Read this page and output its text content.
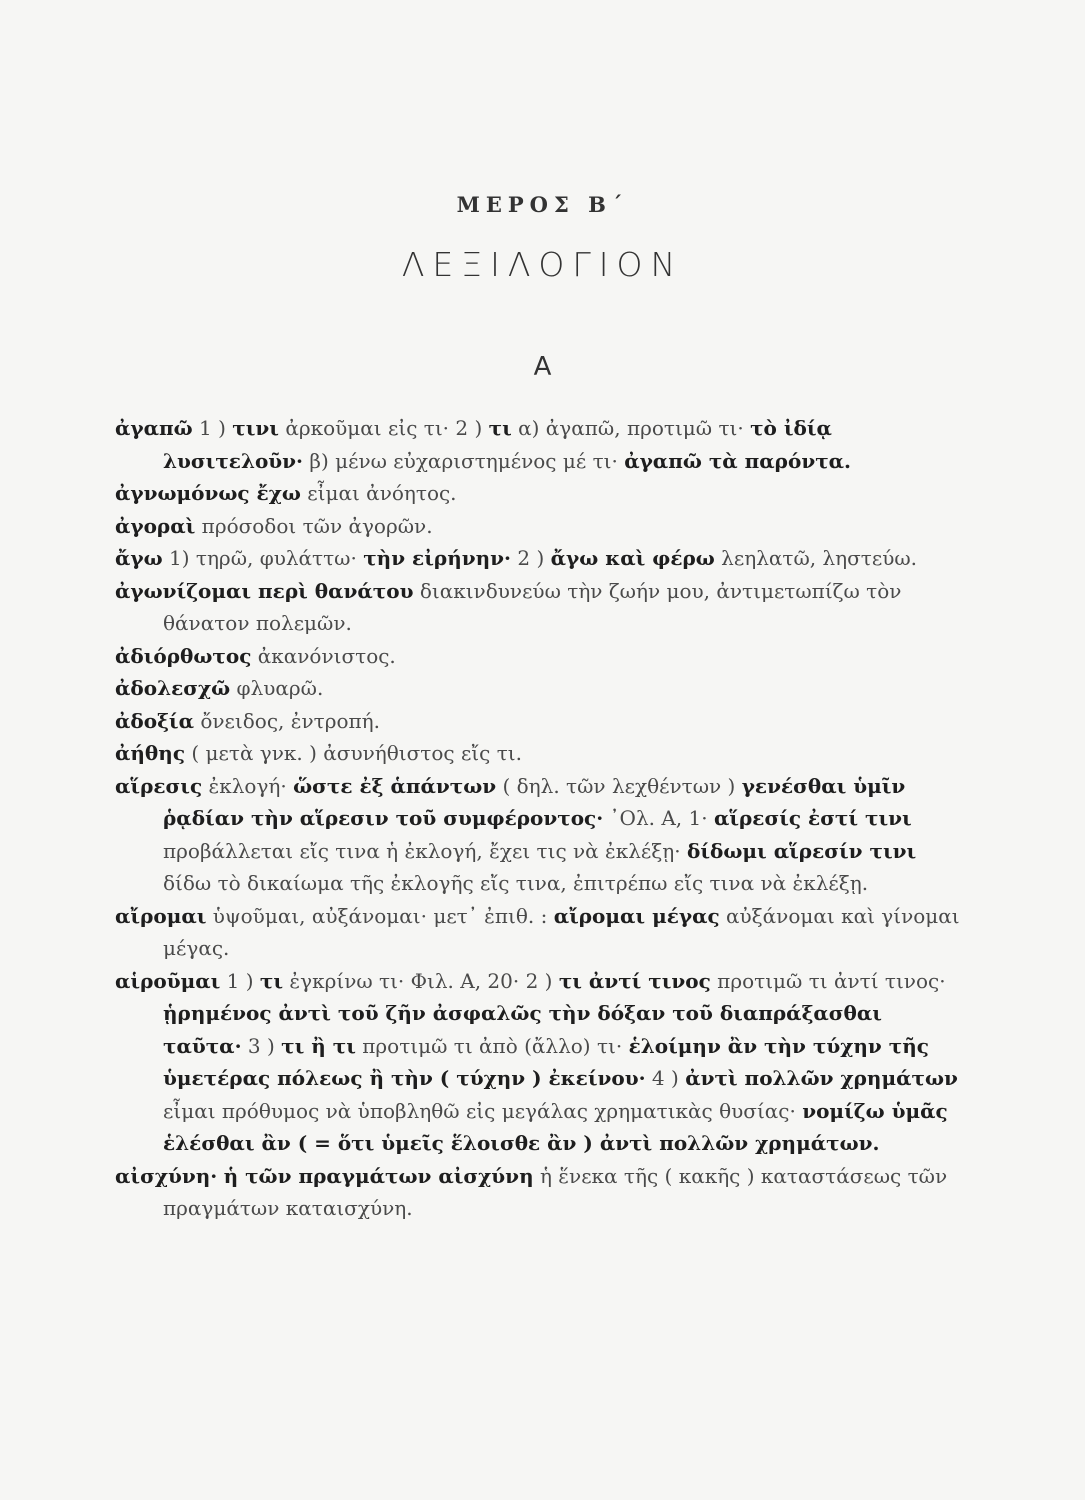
ΜΕΡΟΣ Β΄
ΛΕΞΙΛΟΓΙΟΝ
Α

ἀγαπῶ 1 ) τινι ἀρκοῦμαι εἰς τι· 2 ) τι α) ἀγαπῶ, προτιμῶ τι· τὸ ἰδίᾳ λυσιτελοῦν· β) μένω εὐχαριστημένος μέ τι· ἀγαπῶ τὰ παρόντα.

ἀγνωμόνως ἔχω εἶμαι ἀνόητος.

ἀγοραὶ πρόσοδοι τῶν ἀγορῶν.

ἄγω 1) τηρῶ, φυλάττω· τὴν εἰρήνην· 2 ) ἄγω καὶ φέρω λεηλατῶ, ληστεύω.

ἀγωνίζομαι περὶ θανάτου διακινδυνεύω τὴν ζωήν μου, ἀντιμετωπίζω τὸν θάνατον πολεμῶν.

ἀδιόρθωτος ἀκανόνιστος.

ἀδολεσχῶ φλυαρῶ.

ἀδοξία ὄνειδος, ἐντροπή.

ἀήθης ( μετὰ γνκ. ) ἀσυνήθιστος εἴς τι.

αἵρεσις ἐκλογή· ὥστε ἐξ ἁπάντων ( δηλ. τῶν λεχθέντων ) γενέσθαι ὑμῖν ῥᾳδίαν τὴν αἵρεσιν τοῦ συμφέροντος· ᾿Ολ. Α, 1· αἵρεσίς ἐστί τινι προβάλλεται εἴς τινα ἡ ἐκλογή, ἔχει τις νὰ ἐκλέξῃ· δίδωμι αἵρεσίν τινι δίδω τὸ δικαίωμα τῆς ἐκλογῆς εἴς τινα, ἐπιτρέπω εἴς τινα νὰ ἐκλέξῃ.

αἴρομαι ὑψοῦμαι, αὐξάνομαι· μετ᾿ ἐπιθ. : αἴρομαι μέγας αὐξάνομαι καὶ γίνομαι μέγας.

αἱροῦμαι 1 ) τι ἐγκρίνω τι· Φιλ. Α, 20· 2 ) τι ἀντί τινος προτιμῶ τι ἀντί τινος· ᾑρημένος ἀντὶ τοῦ ζῆν ἀσφαλῶς τὴν δόξαν τοῦ διαπράξασθαι ταῦτα· 3 ) τι ἢ τι προτιμῶ τι ἀπὸ (ἄλλο) τι· ἑλοίμην ἂν τὴν τύχην τῆς ὑμετέρας πόλεως ἢ τὴν ( τύχην ) ἐκείνου· 4 ) ἀντὶ πολλῶν χρημάτων εἶμαι πρόθυμος νὰ ὑποβληθῶ εἰς μεγάλας χρηματικὰς θυσίας· νομίζω ὑμᾶς ἑλέσθαι ἂν ( = ὅτι ὑμεῖς ἕλοισθε ἂν ) ἀντὶ πολλῶν χρημάτων.

αἰσχύνη· ἡ τῶν πραγμάτων αἰσχύνη ἡ ἕνεκα τῆς ( κακῆς ) καταστάσεως τῶν πραγμάτων καταισχύνη.
